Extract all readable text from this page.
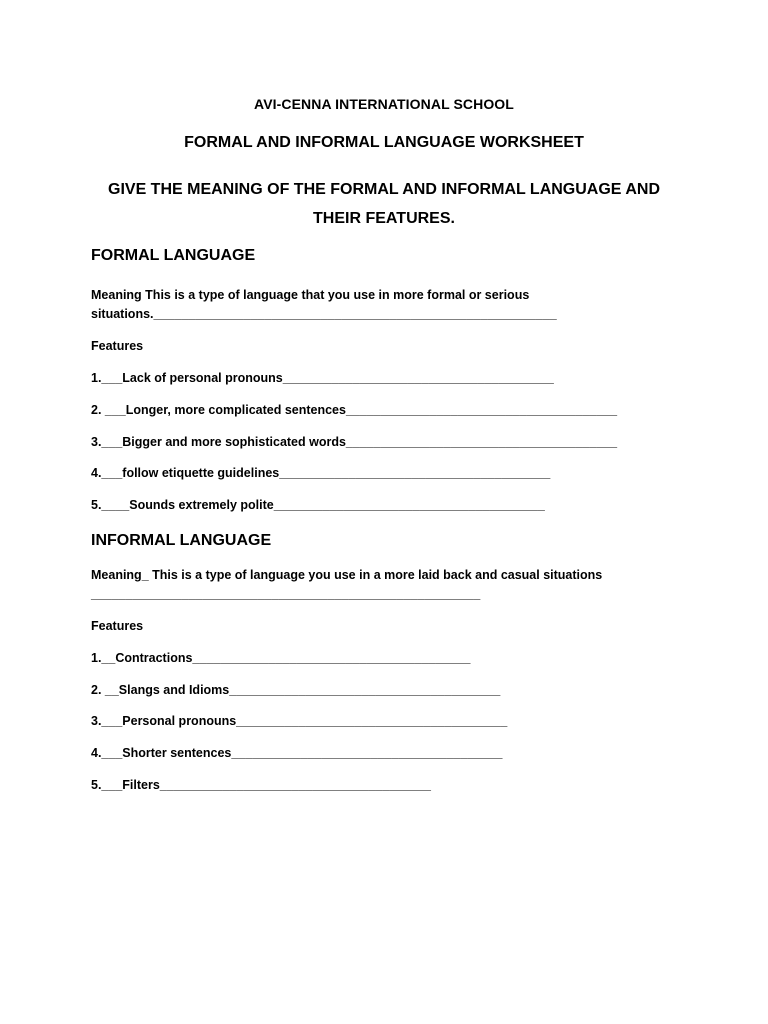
AVI-CENNA INTERNATIONAL SCHOOL
FORMAL AND INFORMAL LANGUAGE WORKSHEET
GIVE THE MEANING OF THE FORMAL AND INFORMAL LANGUAGE AND
THEIR FEATURES.
FORMAL LANGUAGE
Meaning This is a type of language that you use in more formal or serious
situations.__________________________________________________________
Features
1.___Lack of personal pronouns_______________________________________
2. ___Longer, more complicated sentences_______________________________________
3.___Bigger and more sophisticated words_______________________________________
4.___follow etiquette guidelines_______________________________________
5.____Sounds extremely polite_______________________________________
INFORMAL LANGUAGE
Meaning_ This is a type of language you use in a more laid back and casual situations
________________________________________________________
Features
1.__Contractions________________________________________
2. __Slangs and Idioms_______________________________________
3.___Personal pronouns_______________________________________
4.___Shorter sentences_______________________________________
5.___Filters_______________________________________
